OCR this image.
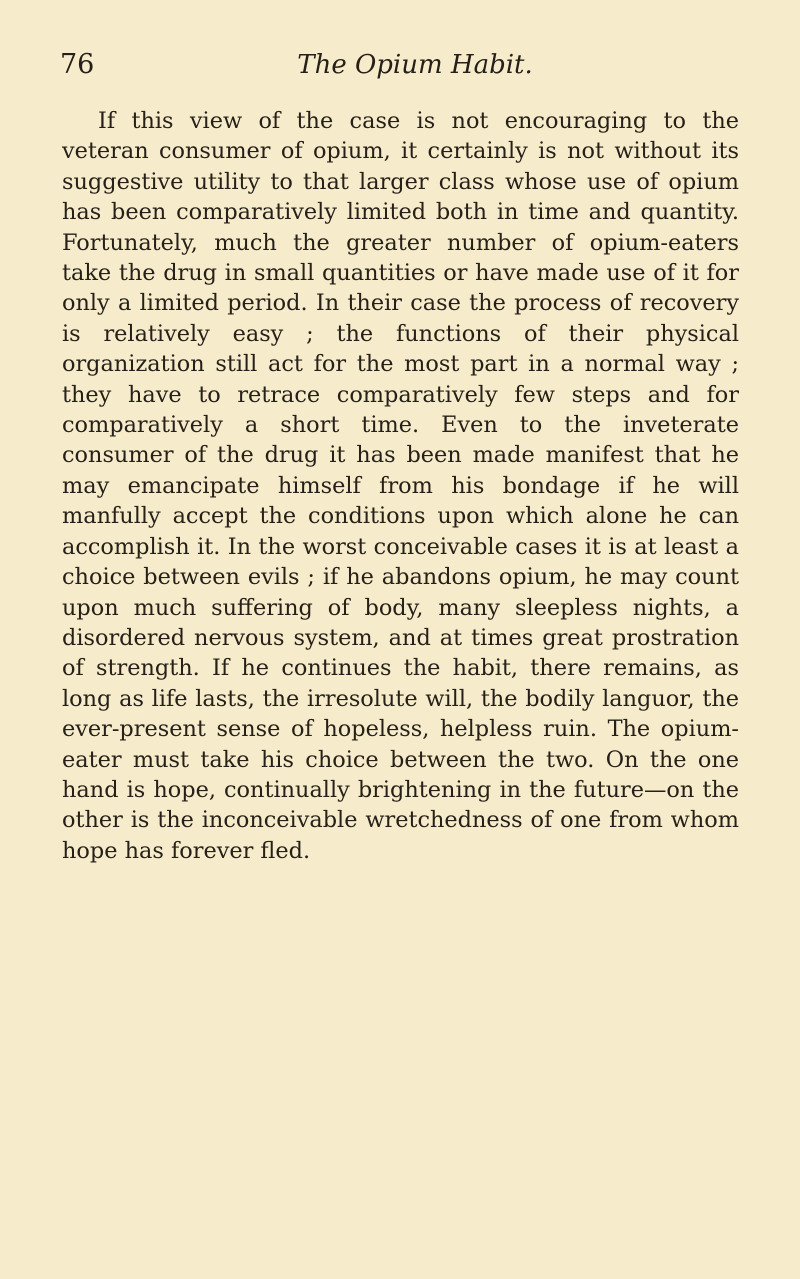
76	The Opium Habit.

If this view of the case is not encouraging to the veteran consumer of opium, it certainly is not without its suggestive utility to that larger class whose use of opium has been comparatively limited both in time and quantity. Fortunately, much the greater number of opium-eaters take the drug in small quantities or have made use of it for only a limited period. In their case the process of recovery is relatively easy ; the functions of their physical organization still act for the most part in a normal way ; they have to retrace comparatively few steps and for comparatively a short time. Even to the inveterate consumer of the drug it has been made manifest that he may emancipate himself from his bondage if he will manfully accept the conditions upon which alone he can accomplish it. In the worst conceivable cases it is at least a choice between evils ; if he abandons opium, he may count upon much suffering of body, many sleepless nights, a disordered nervous system, and at times great prostration of strength. If he continues the habit, there remains, as long as life lasts, the irresolute will, the bodily languor, the ever-present sense of hopeless, helpless ruin. The opium-eater must take his choice between the two. On the one hand is hope, continually brightening in the future—on the other is the inconceivable wretchedness of one from whom hope has forever fled.
